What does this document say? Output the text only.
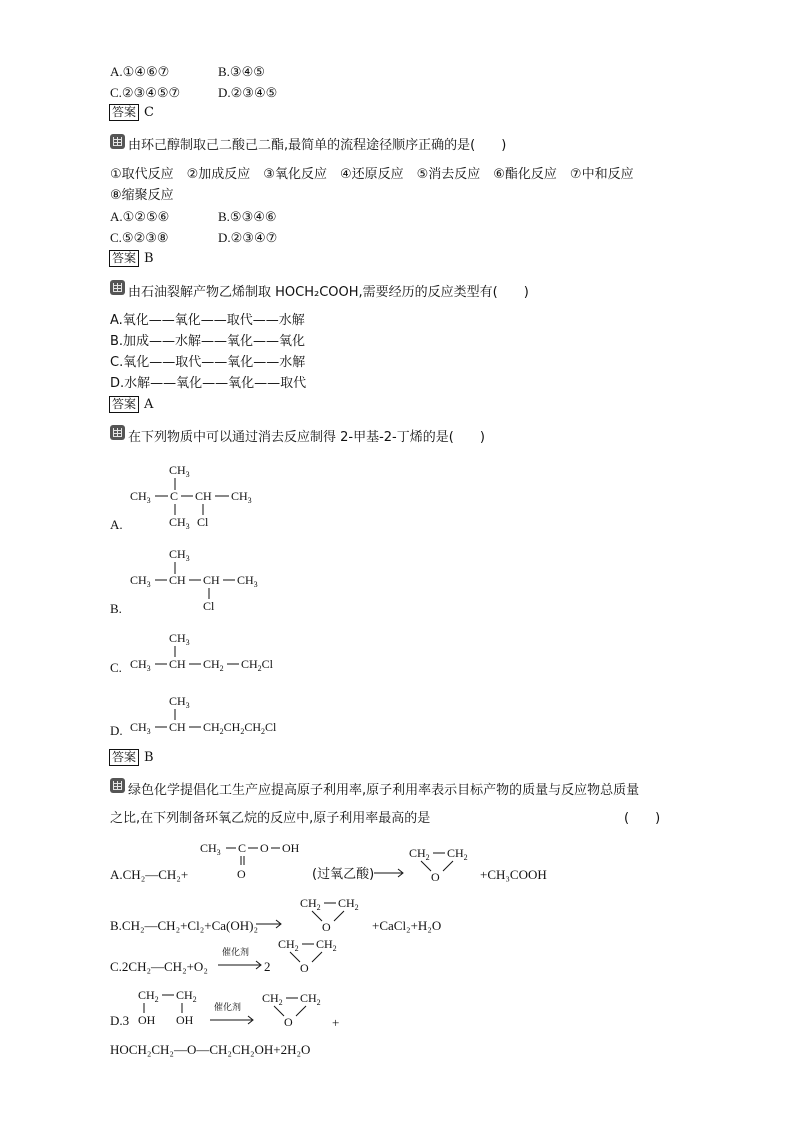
A.①④⑥⑦	B.③④⑤
C.②③④⑤⑦	D.②③④⑤
答案 C
由环己醇制取己二酸己二酯,最简单的流程途径顺序正确的是(　　)
①取代反应　②加成反应　③氧化反应　④还原反应　⑤消去反应　⑥酯化反应　⑦中和反应
⑧缩聚反应
A.①②⑤⑥	B.⑤③④⑥
C.⑤②③⑧	D.②③④⑦
答案 B
由石油裂解产物乙烯制取 HOCH₂COOH,需要经历的反应类型有(　　)
A.氧化——氧化——取代——水解
B.加成——水解——氧化——氧化
C.氧化——取代——氧化——水解
D.水解——氧化——氧化——取代
答案 A
在下列物质中可以通过消去反应制得 2-甲基-2-丁烯的是(　　)
A.
$CH_3$
$CH_3$ C CH $CH_3$
$CH_3$ Cl
B.
$CH_3$
$CH_3$ CH CH $CH_3$
Cl
C.
$CH_3$
$CH_3$ CH $CH_2$ $CH_2Cl$
D.
$CH_3$
$CH_3$ CH $CH_2CH_2CH_2Cl$
答案 B
绿色化学提倡化工生产应提高原子利用率,原子利用率表示目标产物的质量与反应物总质量
之比,在下列制备环氧乙烷的反应中,原子利用率最高的是	(　　)
A.CH₂—CH₂+
$CH_3$ C O OH
O	(过氧乙酸)
$CH_2$ $CH_2$
O	+CH₃COOH
B.CH₂—CH₂+Cl₂+Ca(OH)₂
$CH_2$ $CH_2$
O	+CaCl₂+H₂O
C.2CH₂—CH₂+O₂
催化剂
2
$CH_2$ $CH_2$
O
D.3
$CH_2$ $CH_2$
OH OH
催化剂
$CH_2$ $CH_2$
O	+
HOCH₂CH₂—O—CH₂CH₂OH+2H₂O
